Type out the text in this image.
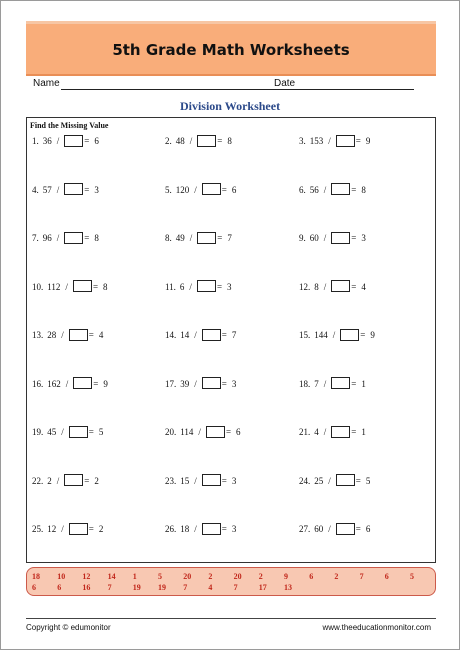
5th Grade Math Worksheets
Name	Date
Division Worksheet
Find the Missing Value
1. 36 /	= 6	2. 48 /	= 8	3. 153 /	= 9
4. 57 /	= 3	5. 120 /	= 6	6. 56 /	= 8
7. 96 /	= 8	8. 49 /	= 7	9. 60 /	= 3
10. 112 /	= 8	11. 6 /	= 3	12. 8 /	= 4
13. 28 /	= 4	14. 14 /	= 7	15. 144 /	= 9
16. 162 /	= 9	17. 39 /	= 3	18. 7 /	= 1
19. 45 /	= 5	20. 114 /	= 6	21. 4 /	= 1
22. 2 /	= 2	23. 15 /	= 3	24. 25 /	= 5
25. 12 /	= 2	26. 18 /	= 3	27. 60 /	= 6
18 10 12 14 1	5	20 2	20 2	9	6	2	7	6	5
6	6	16 7	19 19 7	4	7	17 13
Copyright © edumonitor	www.theeducationmonitor.com
